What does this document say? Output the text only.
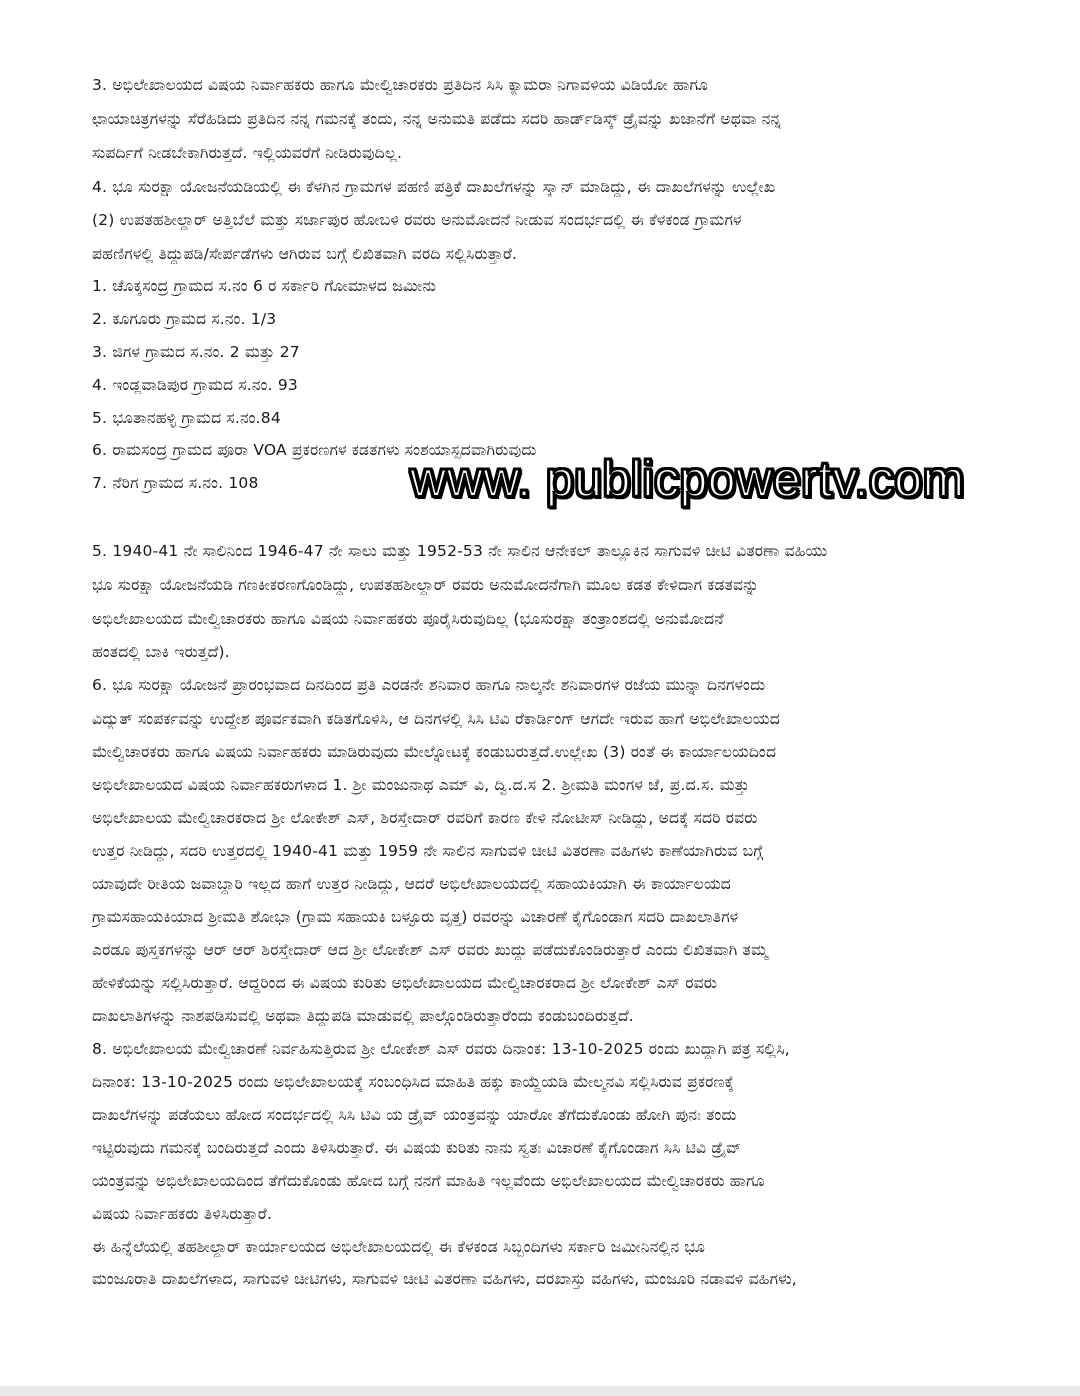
3. ಅಭಿಲೇಖಾಲಯದ ವಿಷಯ ನಿರ್ವಾಹಕರು ಹಾಗೂ ಮೇಲ್ವಿಚಾರಕರು ಪ್ರತಿದಿನ ಸಿಸಿ ಕ್ಯಾಮರಾ ನಿಗಾವಳಿಯ ವಿಡಿಯೋ ಹಾಗೂ
ಛಾಯಾಚಿತ್ರಗಳನ್ನು ಸೆರೆಹಿಡಿದು ಪ್ರತಿದಿನ ನನ್ನ ಗಮನಕ್ಕೆ ತಂದು, ನನ್ನ ಅನುಮತಿ ಪಡೆದು ಸದರಿ ಹಾರ್ಡ್‌ಡಿಸ್ಕ್ ಡ್ರೈವನ್ನು ಖಜಾನೆಗೆ ಅಥವಾ ನನ್ನ
ಸುಪರ್ದಿಗೆ ನೀಡಬೇಕಾಗಿರುತ್ತದೆ. ಇಲ್ಲಿಯವರೆಗೆ ನೀಡಿರುವುದಿಲ್ಲ.
4. ಭೂ ಸುರಕ್ಷಾ ಯೋಜನೆಯಡಿಯಲ್ಲಿ ಈ ಕೆಳಗಿನ ಗ್ರಾಮಗಳ ಪಹಣಿ ಪತ್ರಿಕೆ ದಾಖಲೆಗಳನ್ನು ಸ್ಕ್ಯಾನ್ ಮಾಡಿದ್ದು, ಈ ದಾಖಲೆಗಳನ್ನು ಉಲ್ಲೇಖ
(2) ಉಪತಹಶೀಲ್ದಾರ್ ಅತ್ತಿಬೆಲೆ ಮತ್ತು ಸರ್ಜಾಪುರ ಹೋಬಳಿ ರವರು ಅನುಮೋದನೆ ನೀಡುವ ಸಂದರ್ಭದಲ್ಲಿ ಈ ಕೆಳಕಂಡ ಗ್ರಾಮಗಳ
ಪಹಣಿಗಳಲ್ಲಿ ತಿದ್ದುಪಡಿ/ಸೇರ್ಪಡೆಗಳು ಆಗಿರುವ ಬಗ್ಗೆ ಲಿಖಿತವಾಗಿ ವರದಿ ಸಲ್ಲಿಸಿರುತ್ತಾರೆ.
1. ಚೊಕ್ಕಸಂದ್ರ ಗ್ರಾಮದ ಸ.ನಂ 6 ರ ಸರ್ಕಾರಿ ಗೋಮಾಳದ ಜಮೀನು
2. ಕೂಗೂರು ಗ್ರಾಮದ ಸ.ನಂ. 1/3
3. ಜಿಗಳ ಗ್ರಾಮದ ಸ.ನಂ. 2 ಮತ್ತು 27
4. ಇಂಡ್ಲವಾಡಿಪುರ ಗ್ರಾಮದ ಸ.ನಂ. 93
5. ಭೂತಾನಹಳ್ಳಿ ಗ್ರಾಮದ ಸ.ನಂ.84
6. ರಾಮಸಂದ್ರ ಗ್ರಾಮದ ಪೂರಾ VOA ಪ್ರಕರಣಗಳ ಕಡತಗಳು ಸಂಶಯಾಸ್ಪದವಾಗಿರುವುದು
7. ನೆರಿಗ ಗ್ರಾಮದ ಸ.ನಂ. 108
5. 1940-41 ನೇ ಸಾಲಿನಿಂದ 1946-47 ನೇ ಸಾಲು ಮತ್ತು 1952-53 ನೇ ಸಾಲಿನ ಆನೇಕಲ್ ತಾಲ್ಲೂಕಿನ ಸಾಗುವಳಿ ಚೀಟಿ ವಿತರಣಾ ವಹಿಯು
ಭೂ ಸುರಕ್ಷಾ ಯೋಜನೆಯಡಿ ಗಣಕೀಕರಣಗೊಂಡಿದ್ದು, ಉಪತಹಶೀಲ್ದಾರ್ ರವರು ಅನುಮೋದನೆಗಾಗಿ ಮೂಲ ಕಡತ ಕೇಳಿದಾಗ ಕಡತವನ್ನು
ಅಭಿಲೇಖಾಲಯದ ಮೇಲ್ವಿಚಾರಕರು ಹಾಗೂ ವಿಷಯ ನಿರ್ವಾಹಕರು ಪೂರೈಸಿರುವುದಿಲ್ಲ (ಭೂಸುರಕ್ಷಾ ತಂತ್ರಾಂಶದಲ್ಲಿ ಅನುಮೋದನೆ
ಹಂತದಲ್ಲಿ ಬಾಕಿ ಇರುತ್ತದೆ).
6. ಭೂ ಸುರಕ್ಷಾ ಯೋಜನೆ ಪ್ರಾರಂಭವಾದ ದಿನದಿಂದ ಪ್ರತಿ ಎರಡನೇ ಶನಿವಾರ ಹಾಗೂ ನಾಲ್ಕನೇ ಶನಿವಾರಗಳ ರಜೆಯ ಮುನ್ನಾ ದಿನಗಳಂದು
ವಿದ್ಯುತ್ ಸಂಪರ್ಕವನ್ನು ಉದ್ದೇಶ ಪೂರ್ವಕವಾಗಿ ಕಡಿತಗೊಳಿಸಿ, ಆ ದಿನಗಳಲ್ಲಿ ಸಿಸಿ ಟಿವಿ ರೆಕಾರ್ಡಿಂಗ್ ಆಗದೇ ಇರುವ ಹಾಗೆ ಅಭಿಲೇಖಾಲಯದ
ಮೇಲ್ವಿಚಾರಕರು ಹಾಗೂ ವಿಷಯ ನಿರ್ವಾಹಕರು ಮಾಡಿರುವುದು ಮೇಲ್ನೋಟಕ್ಕೆ ಕಂಡುಬರುತ್ತದೆ.ಉಲ್ಲೇಖ (3) ರಂತೆ ಈ ಕಾರ್ಯಾಲಯದಿಂದ
ಅಭಿಲೇಖಾಲಯದ ವಿಷಯ ನಿರ್ವಾಹಕರುಗಳಾದ 1. ಶ್ರೀ ಮಂಜುನಾಥ ಎಮ್ ವಿ, ದ್ವಿ.ದ.ಸ 2. ಶ್ರೀಮತಿ ಮಂಗಳ ಜೆ, ಪ್ರ.ದ.ಸ. ಮತ್ತು
ಅಭಿಲೇಖಾಲಯ ಮೇಲ್ವಿಚಾರಕರಾದ ಶ್ರೀ ಲೋಕೇಶ್ ಎಸ್, ಶಿರಸ್ತೇದಾರ್ ರವರಿಗೆ ಕಾರಣ ಕೇಳಿ ನೋಟೀಸ್ ನೀಡಿದ್ದು, ಅದಕ್ಕೆ ಸದರಿ ರವರು
ಉತ್ತರ ನೀಡಿದ್ದು, ಸದರಿ ಉತ್ತರದಲ್ಲಿ 1940-41 ಮತ್ತು 1959 ನೇ ಸಾಲಿನ ಸಾಗುವಳಿ ಚೀಟಿ ವಿತರಣಾ ವಹಿಗಳು ಕಾಣೆಯಾಗಿರುವ ಬಗ್ಗೆ
ಯಾವುದೇ ರೀತಿಯ ಜವಾಬ್ದಾರಿ ಇಲ್ಲದ ಹಾಗೆ ಉತ್ತರ ನೀಡಿದ್ದು, ಆದರೆ ಅಭಿಲೇಖಾಲಯದಲ್ಲಿ ಸಹಾಯಕಿಯಾಗಿ ಈ ಕಾರ್ಯಾಲಯದ
ಗ್ರಾಮಸಹಾಯಕಿಯಾದ ಶ್ರೀಮತಿ ಶೋಭಾ (ಗ್ರಾಮ ಸಹಾಯಕಿ ಬಳ್ಳೂರು ವೃತ್ತ) ರವರನ್ನು ವಿಚಾರಣೆ ಕೈಗೊಂಡಾಗ ಸದರಿ ದಾಖಲಾತಿಗಳ
ಎರಡೂ ಪುಸ್ತಕಗಳನ್ನು ಆರ್ ಆರ್ ಶಿರಸ್ತೇದಾರ್ ಆದ ಶ್ರೀ ಲೋಕೇಶ್ ಎಸ್ ರವರು ಖುದ್ದು ಪಡೆದುಕೊಂಡಿರುತ್ತಾರೆ ಎಂದು ಲಿಖಿತವಾಗಿ ತಮ್ಮ
ಹೇಳಿಕೆಯನ್ನು ಸಲ್ಲಿಸಿರುತ್ತಾರೆ. ಆದ್ದರಿಂದ ಈ ವಿಷಯ ಕುರಿತು ಅಭಿಲೇಖಾಲಯದ ಮೇಲ್ವಿಚಾರಕರಾದ ಶ್ರೀ ಲೋಕೇಶ್ ಎಸ್ ರವರು
ದಾಖಲಾತಿಗಳನ್ನು ನಾಶಪಡಿಸುವಲ್ಲಿ ಅಥವಾ ತಿದ್ದುಪಡಿ ಮಾಡುವಲ್ಲಿ ಪಾಲ್ಗೊಂಡಿರುತ್ತಾರೆಂದು ಕಂಡುಬಂದಿರುತ್ತದೆ.
8. ಅಭಿಲೇಖಾಲಯ ಮೇಲ್ವಿಚಾರಣೆ ನಿರ್ವಹಿಸುತ್ತಿರುವ ಶ್ರೀ ಲೋಕೇಶ್ ಎಸ್ ರವರು ದಿನಾಂಕ: 13-10-2025 ರಂದು ಖುದ್ದಾಗಿ ಪತ್ರ ಸಲ್ಲಿಸಿ,
ದಿನಾಂಕ: 13-10-2025 ರಂದು ಅಭಿಲೇಖಾಲಯಕ್ಕೆ ಸಂಬಂಧಿಸಿದ ಮಾಹಿತಿ ಹಕ್ಕು ಕಾಯ್ದೆಯಡಿ ಮೇಲ್ಮನವಿ ಸಲ್ಲಿಸಿರುವ ಪ್ರಕರಣಕ್ಕೆ
ದಾಖಲೆಗಳನ್ನು ಪಡೆಯಲು ಹೋದ ಸಂದರ್ಭದಲ್ಲಿ ಸಿಸಿ ಟಿವಿ ಯ ಡ್ರೈವ್ ಯಂತ್ರವನ್ನು ಯಾರೋ ತೆಗೆದುಕೊಂಡು ಹೋಗಿ ಪುನಃ ತಂದು
ಇಟ್ಟಿರುವುದು ಗಮನಕ್ಕೆ ಬಂದಿರುತ್ತದೆ ಎಂದು ತಿಳಿಸಿರುತ್ತಾರೆ. ಈ ವಿಷಯ ಕುರಿತು ನಾನು ಸ್ವತಃ ವಿಚಾರಣೆ ಕೈಗೊಂಡಾಗ ಸಿಸಿ ಟಿವಿ ಡ್ರೈವ್
ಯಂತ್ರವನ್ನು ಅಭಿಲೇಖಾಲಯದಿಂದ ತೆಗೆದುಕೊಂಡು ಹೋದ ಬಗ್ಗೆ ನನಗೆ ಮಾಹಿತಿ ಇಲ್ಲವೆಂದು ಅಭಿಲೇಖಾಲಯದ ಮೇಲ್ವಿಚಾರಕರು ಹಾಗೂ
ವಿಷಯ ನಿರ್ವಾಹಕರು ತಿಳಿಸಿರುತ್ತಾರೆ.
ಈ ಹಿನ್ನೆಲೆಯಲ್ಲಿ ತಹಶೀಲ್ದಾರ್ ಕಾರ್ಯಾಲಯದ ಅಭಿಲೇಖಾಲಯದಲ್ಲಿ ಈ ಕೆಳಕಂಡ ಸಿಬ್ಬಂದಿಗಳು ಸರ್ಕಾರಿ ಜಮೀನಿನಲ್ಲಿನ ಭೂ
ಮಂಜೂರಾತಿ ದಾಖಲೆಗಳಾದ, ಸಾಗುವಳಿ ಚೀಟಿಗಳು, ಸಾಗುವಳಿ ಚೀಟಿ ವಿತರಣಾ ವಹಿಗಳು, ದರಖಾಸ್ತು ವಹಿಗಳು, ಮಂಜೂರಿ ನಡಾವಳಿ ವಹಿಗಳು,
www. publicpowertv.com
